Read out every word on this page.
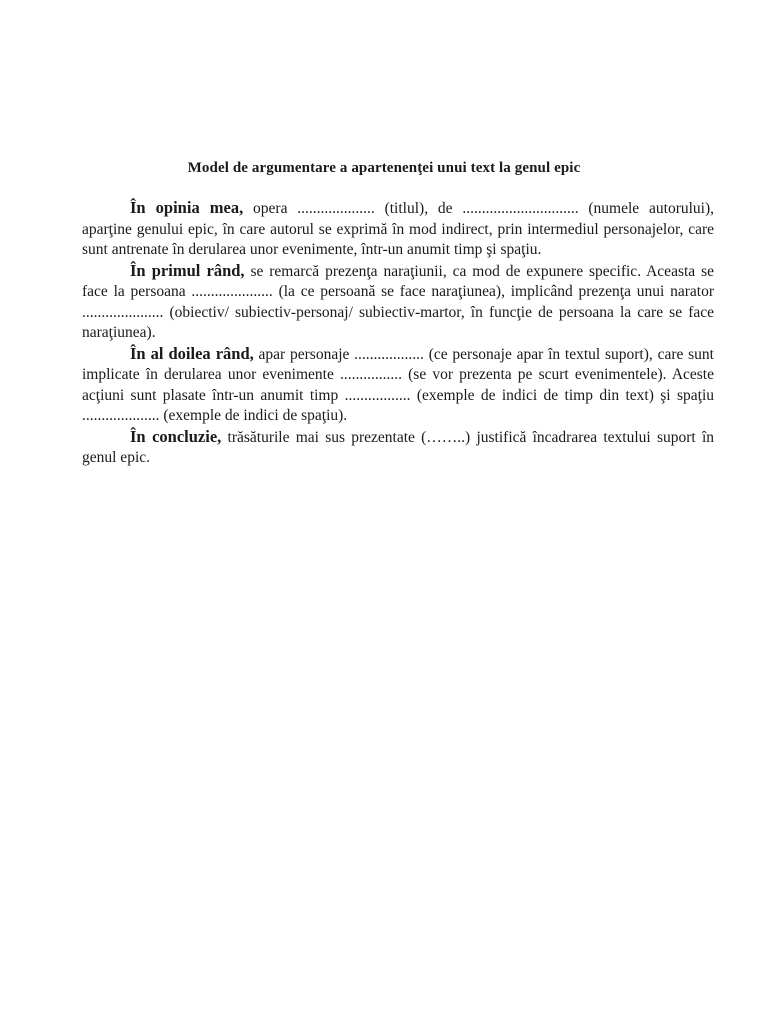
Model de argumentare a apartenenţei unui text la genul epic

În opinia mea, opera .................... (titlul), de .............................. (numele autorului), aparţine genului epic, în care autorul se exprimă în mod indirect, prin intermediul personajelor, care sunt antrenate în derularea unor evenimente, într-un anumit timp şi spaţiu.

În primul rând, se remarcă prezenţa naraţiunii, ca mod de expunere specific. Aceasta se face la persoana ..................... (la ce persoană se face naraţiunea), implicând prezenţa unui narator ..................... (obiectiv/ subiectiv-personaj/ subiectiv-martor, în funcţie de persoana la care se face naraţiunea).

În al doilea rând, apar personaje .................. (ce personaje apar în textul suport), care sunt implicate în derularea unor evenimente ................ (se vor prezenta pe scurt evenimentele). Aceste acţiuni sunt plasate într-un anumit timp ................. (exemple de indici de timp din text) şi spaţiu .................... (exemple de indici de spaţiu).

În concluzie, trăsăturile mai sus prezentate (……..) justifică încadrarea textului suport în genul epic.
